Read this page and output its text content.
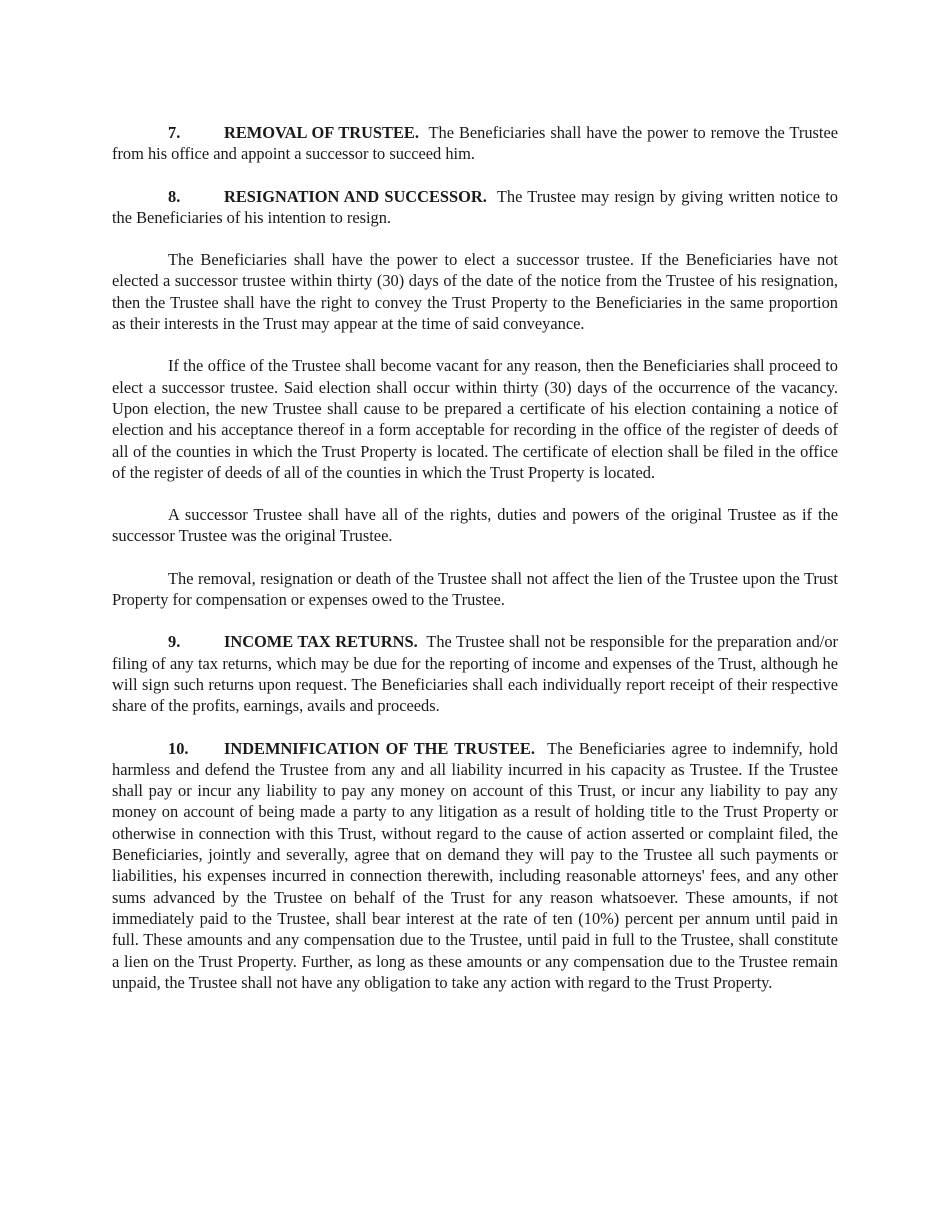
7.	REMOVAL OF TRUSTEE. The Beneficiaries shall have the power to remove the Trustee from his office and appoint a successor to succeed him.

8.	RESIGNATION AND SUCCESSOR. The Trustee may resign by giving written notice to the Beneficiaries of his intention to resign.

The Beneficiaries shall have the power to elect a successor trustee. If the Beneficiaries have not elected a successor trustee within thirty (30) days of the date of the notice from the Trustee of his resignation, then the Trustee shall have the right to convey the Trust Property to the Beneficiaries in the same proportion as their interests in the Trust may appear at the time of said conveyance.

If the office of the Trustee shall become vacant for any reason, then the Beneficiaries shall proceed to elect a successor trustee. Said election shall occur within thirty (30) days of the occurrence of the vacancy. Upon election, the new Trustee shall cause to be prepared a certificate of his election containing a notice of election and his acceptance thereof in a form acceptable for recording in the office of the register of deeds of all of the counties in which the Trust Property is located. The certificate of election shall be filed in the office of the register of deeds of all of the counties in which the Trust Property is located.

A successor Trustee shall have all of the rights, duties and powers of the original Trustee as if the successor Trustee was the original Trustee.

The removal, resignation or death of the Trustee shall not affect the lien of the Trustee upon the Trust Property for compensation or expenses owed to the Trustee.

9.	INCOME TAX RETURNS. The Trustee shall not be responsible for the preparation and/or filing of any tax returns, which may be due for the reporting of income and expenses of the Trust, although he will sign such returns upon request. The Beneficiaries shall each individually report receipt of their respective share of the profits, earnings, avails and proceeds.

10. INDEMNIFICATION OF THE TRUSTEE. The Beneficiaries agree to indemnify, hold harmless and defend the Trustee from any and all liability incurred in his capacity as Trustee. If the Trustee shall pay or incur any liability to pay any money on account of this Trust, or incur any liability to pay any money on account of being made a party to any litigation as a result of holding title to the Trust Property or otherwise in connection with this Trust, without regard to the cause of action asserted or complaint filed, the Beneficiaries, jointly and severally, agree that on demand they will pay to the Trustee all such payments or liabilities, his expenses incurred in connection therewith, including reasonable attorneys' fees, and any other sums advanced by the Trustee on behalf of the Trust for any reason whatsoever. These amounts, if not immediately paid to the Trustee, shall bear interest at the rate of ten (10%) percent per annum until paid in full. These amounts and any compensation due to the Trustee, until paid in full to the Trustee, shall constitute a lien on the Trust Property. Further, as long as these amounts or any compensation due to the Trustee remain unpaid, the Trustee shall not have any obligation to take any action with regard to the Trust Property.
